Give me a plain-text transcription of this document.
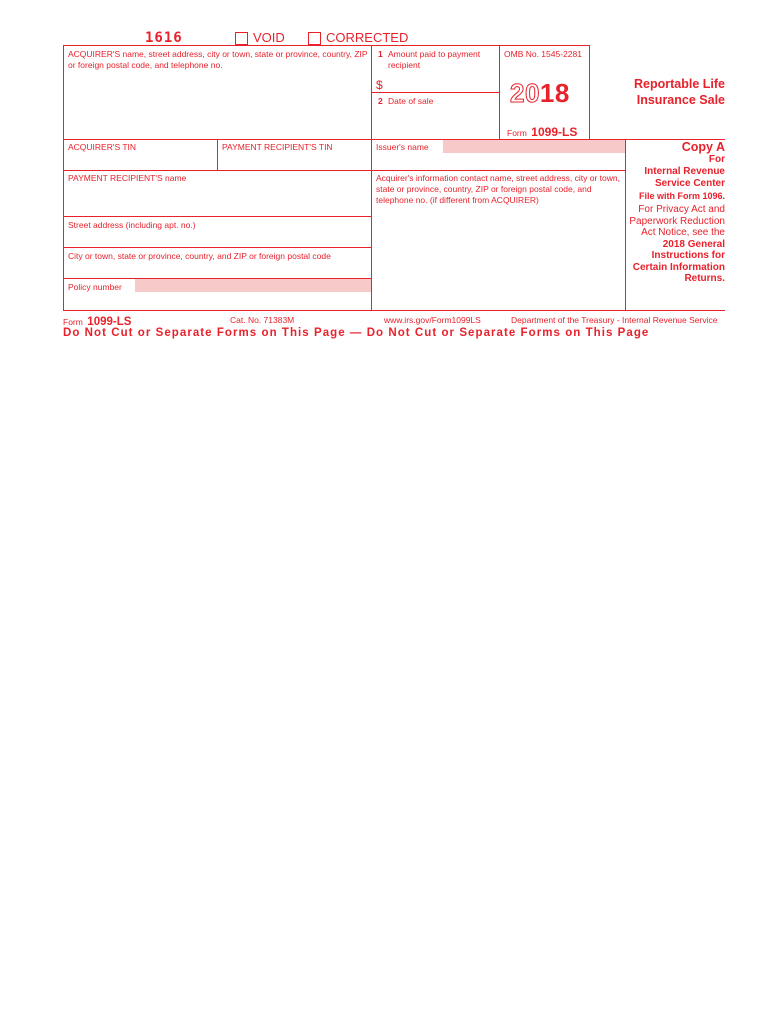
1616	VOID	CORRECTED
ACQUIRER'S name, street address, city or town, state or province, country, ZIP or foreign postal code, and telephone no.
1 Amount paid to payment recipient
$
2 Date of sale
OMB No. 1545-2281
2018
Form 1099-LS
Reportable Life Insurance Sale
ACQUIRER'S TIN	PAYMENT RECIPIENT'S TIN	Issuer's name
PAYMENT RECIPIENT'S name	Acquirer's information contact name, street address, city or town, state or province, country, ZIP or foreign postal code, and telephone no. (if different from ACQUIRER)
Street address (including apt. no.)
City or town, state or province, country, and ZIP or foreign postal code
Policy number
Copy A
For
Internal Revenue Service Center
File with Form 1096.
For Privacy Act and Paperwork Reduction Act Notice, see the
2018 General Instructions for Certain Information Returns.
Form 1099-LS	Cat. No. 71383M	www.irs.gov/Form1099LS	Department of the Treasury - Internal Revenue Service
Do Not Cut or Separate Forms on This Page — Do Not Cut or Separate Forms on This Page
